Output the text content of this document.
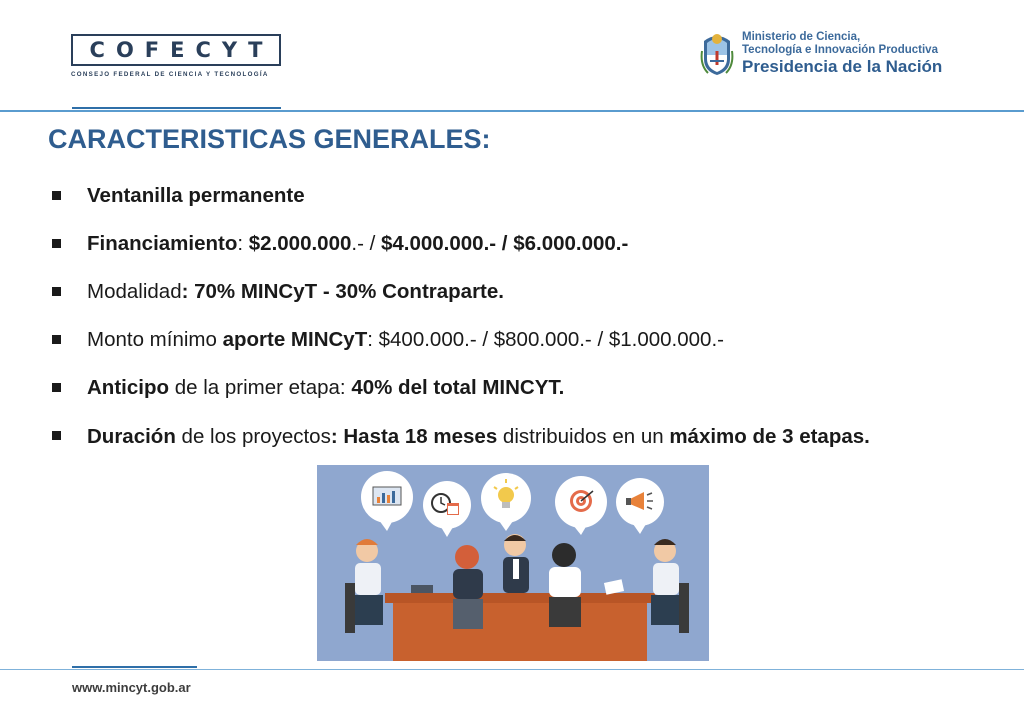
COFECYT
CONSEJO FEDERAL DE CIENCIA Y TECNOLOGÍA
Ministerio de Ciencia,
Tecnología e Innovación Productiva
Presidencia de la Nación
CARACTERISTICAS GENERALES:
Ventanilla permanente
Financiamiento: $2.000.000.- / $4.000.000.- / $6.000.000.-
Modalidad: 70% MINCyT - 30% Contraparte.
Monto mínimo aporte MINCyT: $400.000.- / $800.000.- / $1.000.000.-
Anticipo de la primer etapa: 40% del total MINCYT.
Duración de los proyectos: Hasta 18 meses distribuidos en un máximo de 3 etapas.
www.mincyt.gob.ar
